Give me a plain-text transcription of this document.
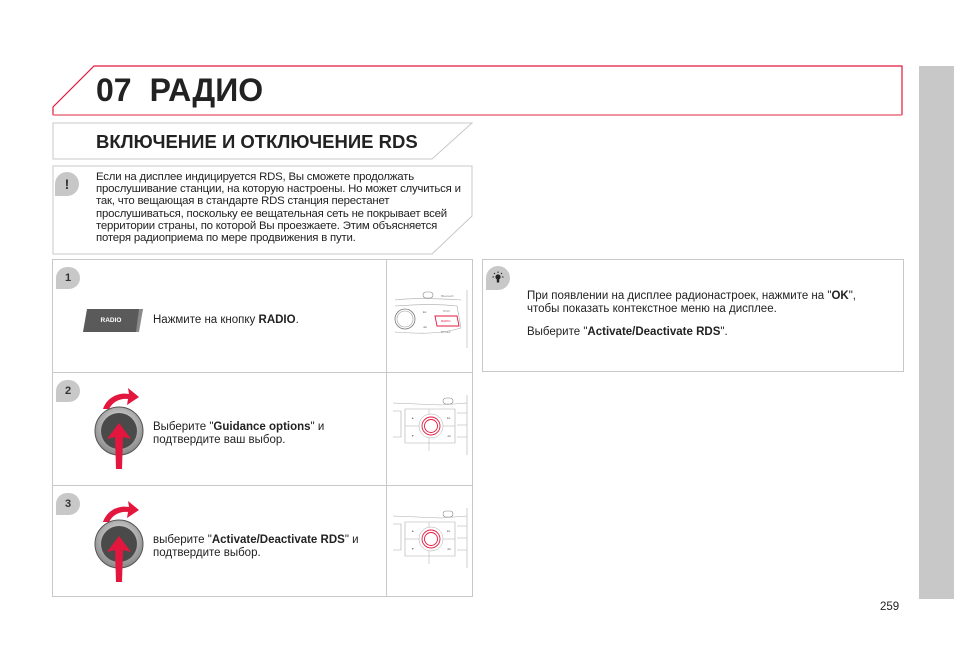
07 РАДИО
ВКЛЮЧЕНИЕ И ОТКЛЮЧЕНИЕ RDS
!	Если на дисплее индицируется RDS, Вы сможете продолжать прослушивание станции, на которую настроены. Но может случиться и так, что вещающая в стандарте RDS станция перестанет прослушиваться, поскольку ее вещательная сеть не покрывает всей территории страны, по которой Вы проезжаете. Этим объясняется потеря радиоприема по мере продвижения в пути.
1
RADIO	Нажмите на кнопку RADIO.
Bluetooth
▸▸
◂◂
DISC
RADIO
BLUEF
2
Выберите "Guidance options" и
подтвердите ваш выбор.
▲
▼
▸▸
◂◂
3
выберите "Activate/Deactivate RDS" и
подтвердите выбор.
▲
▼
▸▸
◂◂

При появлении на дисплее радионастроек, нажмите на "OK",
чтобы показать контекстное меню на дисплее.

Выберите "Activate/Deactivate RDS".

259
